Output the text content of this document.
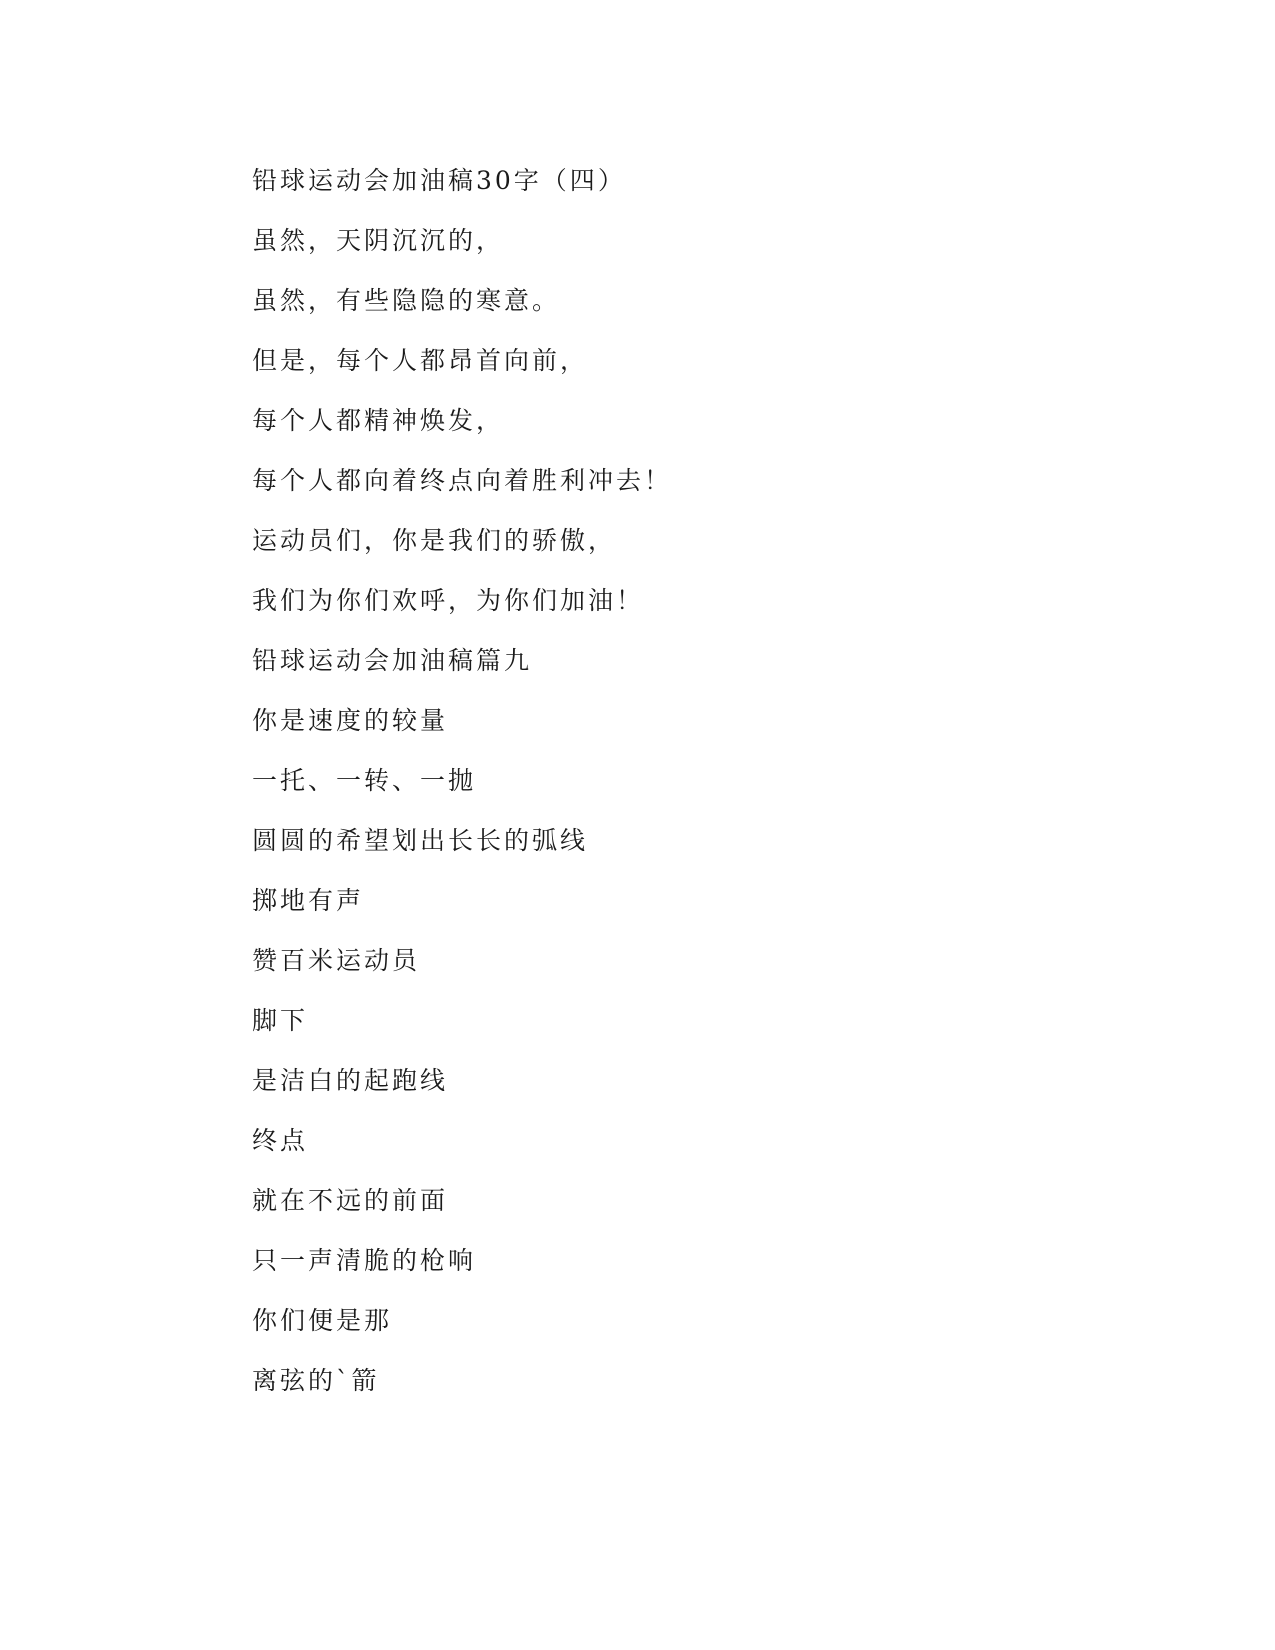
铅球运动会加油稿30字（四）
虽然，天阴沉沉的，
虽然，有些隐隐的寒意。
但是，每个人都昂首向前，
每个人都精神焕发，
每个人都向着终点向着胜利冲去！
运动员们，你是我们的骄傲，
我们为你们欢呼，为你们加油！
铅球运动会加油稿篇九
你是速度的较量
一托、一转、一抛
圆圆的希望划出长长的弧线
掷地有声
赞百米运动员
脚下
是洁白的起跑线
终点
就在不远的前面
只一声清脆的枪响
你们便是那
离弦的`箭
